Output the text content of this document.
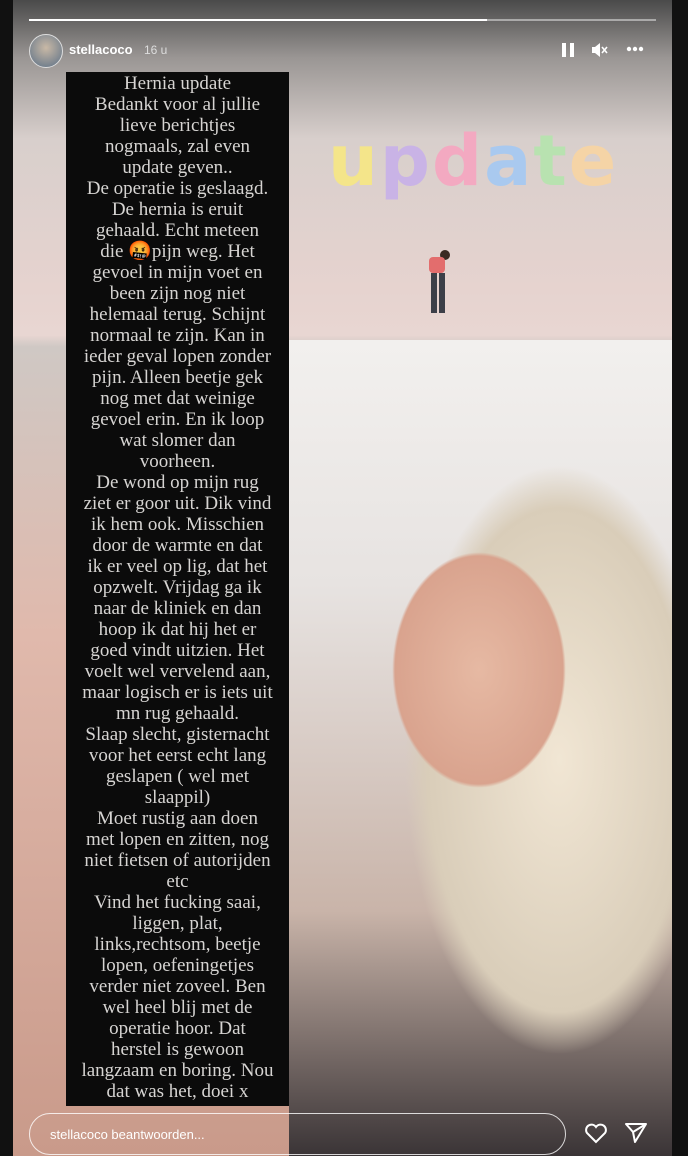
update
Hernia update
Bedankt voor al jullie
lieve berichtjes
nogmaals, zal even
update geven..
De operatie is geslaagd.
De hernia is eruit
gehaald. Echt meteen
die 🤬pijn weg. Het
gevoel in mijn voet en
been zijn nog niet
helemaal terug. Schijnt
normaal te zijn. Kan in
ieder geval lopen zonder
pijn. Alleen beetje gek
nog met dat weinige
gevoel erin. En ik loop
wat slomer dan
voorheen.
De wond op mijn rug
ziet er goor uit. Dik vind
ik hem ook. Misschien
door de warmte en dat
ik er veel op lig, dat het
opzwelt. Vrijdag ga ik
naar de kliniek en dan
hoop ik dat hij het er
goed vindt uitzien. Het
voelt wel vervelend aan,
maar logisch er is iets uit
mn rug gehaald.
Slaap slecht, gisternacht
voor het eerst echt lang
geslapen ( wel met
slaappil)
Moet rustig aan doen
met lopen en zitten, nog
niet fietsen of autorijden
etc
Vind het fucking saai,
liggen, plat,
links,rechtsom, beetje
lopen, oefeningetjes
verder niet zoveel. Ben
wel heel blij met de
operatie hoor. Dat
herstel is gewoon
langzaam en boring. Nou
dat was het, doei x
stellacoco 16 u
stellacoco beantwoorden...
